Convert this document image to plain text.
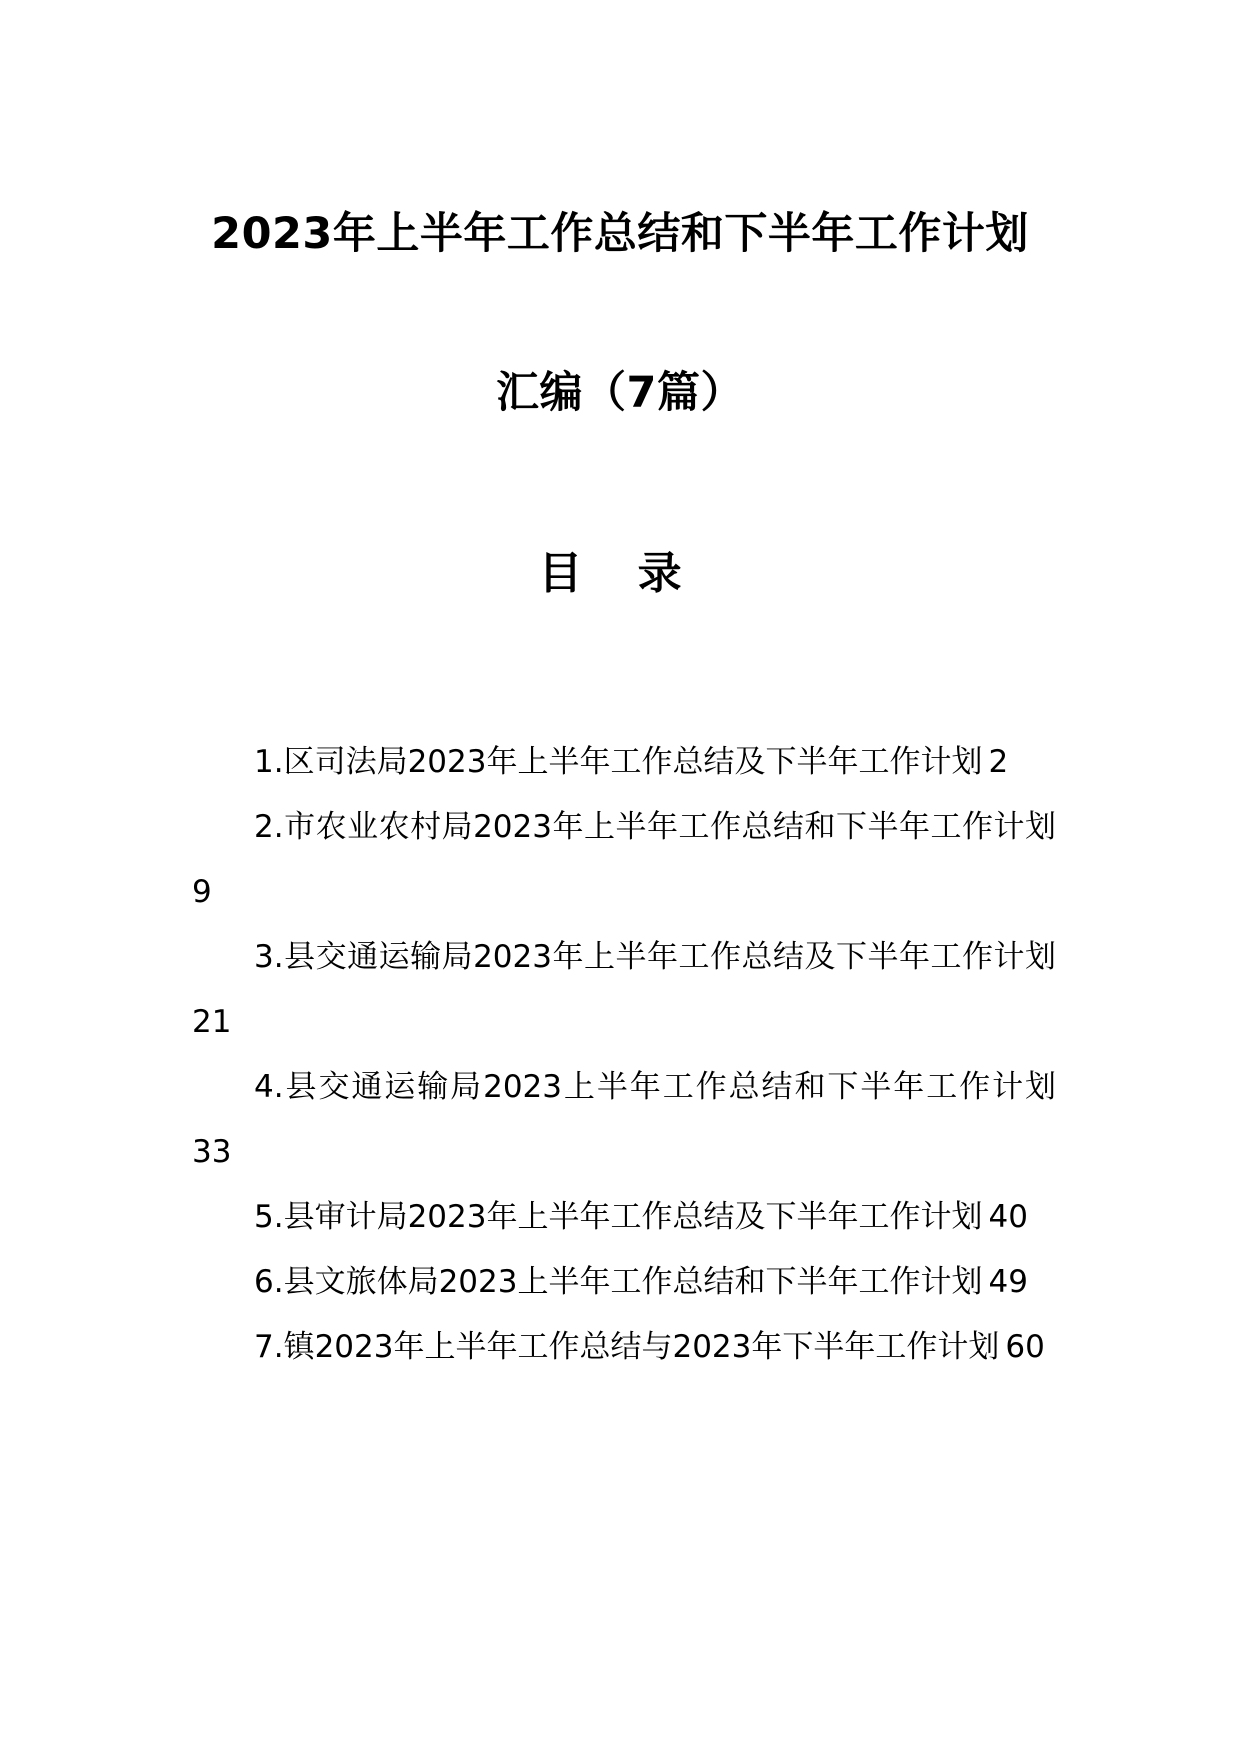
2023年上半年工作总结和下半年工作计划
汇编（7篇）
目 录
1.区司法局2023年上半年工作总结及下半年工作计划 2
2.市农业农村局2023年上半年工作总结和下半年工作计划9
3.县交通运输局2023年上半年工作总结及下半年工作计划21
4.县交通运输局2023上半年工作总结和下半年工作计划33
5.县审计局2023年上半年工作总结及下半年工作计划 40
6.县文旅体局2023上半年工作总结和下半年工作计划 49
7.镇2023年上半年工作总结与2023年下半年工作计划 60
